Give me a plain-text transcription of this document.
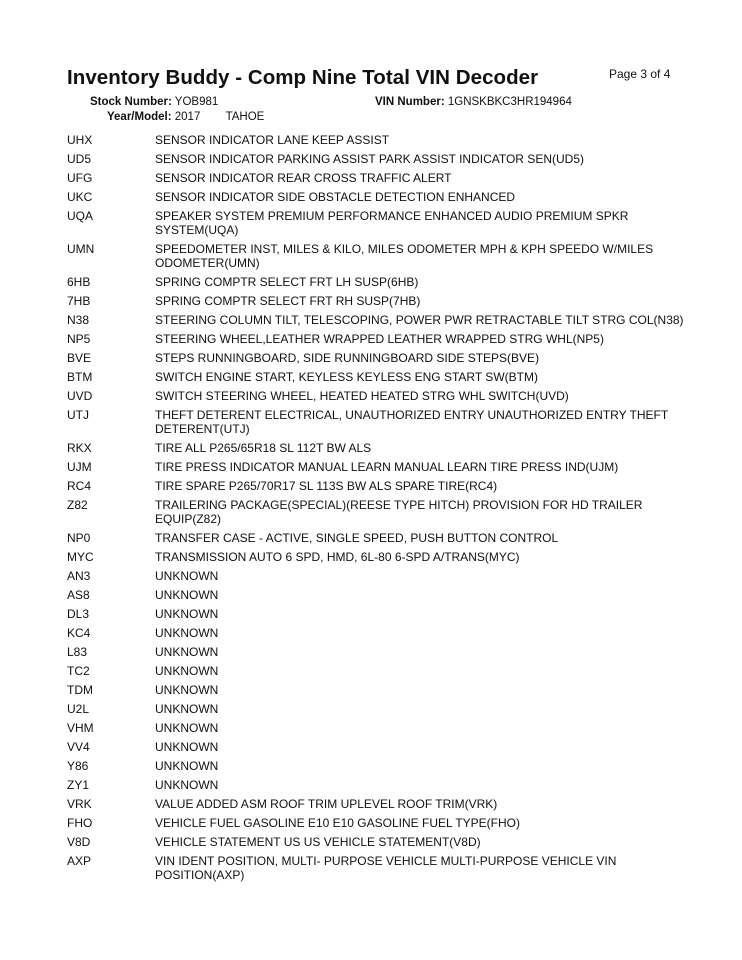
Inventory Buddy - Comp Nine Total VIN Decoder	Page 3 of 4
Stock Number: YOB981	VIN Number: 1GNSKBKC3HR194964
Year/Model: 2017 TAHOE
UHX	SENSOR INDICATOR LANE KEEP ASSIST
UD5	SENSOR INDICATOR PARKING ASSIST PARK ASSIST INDICATOR SEN(UD5)
UFG	SENSOR INDICATOR REAR CROSS TRAFFIC ALERT
UKC	SENSOR INDICATOR SIDE OBSTACLE DETECTION ENHANCED
UQA	SPEAKER SYSTEM PREMIUM PERFORMANCE ENHANCED AUDIO PREMIUM SPKR SYSTEM(UQA)
UMN	SPEEDOMETER INST, MILES & KILO, MILES ODOMETER MPH & KPH SPEEDO W/MILES ODOMETER(UMN)
6HB	SPRING COMPTR SELECT FRT LH SUSP(6HB)
7HB	SPRING COMPTR SELECT FRT RH SUSP(7HB)
N38	STEERING COLUMN TILT, TELESCOPING, POWER PWR RETRACTABLE TILT STRG COL(N38)
NP5	STEERING WHEEL,LEATHER WRAPPED LEATHER WRAPPED STRG WHL(NP5)
BVE	STEPS RUNNINGBOARD, SIDE RUNNINGBOARD SIDE STEPS(BVE)
BTM	SWITCH ENGINE START, KEYLESS KEYLESS ENG START SW(BTM)
UVD	SWITCH STEERING WHEEL, HEATED HEATED STRG WHL SWITCH(UVD)
UTJ	THEFT DETERENT ELECTRICAL, UNAUTHORIZED ENTRY UNAUTHORIZED ENTRY THEFT DETERENT(UTJ)
RKX	TIRE ALL P265/65R18 SL 112T BW ALS
UJM	TIRE PRESS INDICATOR MANUAL LEARN MANUAL LEARN TIRE PRESS IND(UJM)
RC4	TIRE SPARE P265/70R17 SL 113S BW ALS SPARE TIRE(RC4)
Z82	TRAILERING PACKAGE(SPECIAL)(REESE TYPE HITCH) PROVISION FOR HD TRAILER EQUIP(Z82)
NP0	TRANSFER CASE - ACTIVE, SINGLE SPEED, PUSH BUTTON CONTROL
MYC	TRANSMISSION AUTO 6 SPD, HMD, 6L-80 6-SPD A/TRANS(MYC)
AN3	UNKNOWN
AS8	UNKNOWN
DL3	UNKNOWN
KC4	UNKNOWN
L83	UNKNOWN
TC2	UNKNOWN
TDM	UNKNOWN
U2L	UNKNOWN
VHM	UNKNOWN
VV4	UNKNOWN
Y86	UNKNOWN
ZY1	UNKNOWN
VRK	VALUE ADDED ASM ROOF TRIM UPLEVEL ROOF TRIM(VRK)
FHO	VEHICLE FUEL GASOLINE E10 E10 GASOLINE FUEL TYPE(FHO)
V8D	VEHICLE STATEMENT US US VEHICLE STATEMENT(V8D)
AXP	VIN IDENT POSITION, MULTI- PURPOSE VEHICLE MULTI-PURPOSE VEHICLE VIN POSITION(AXP)
